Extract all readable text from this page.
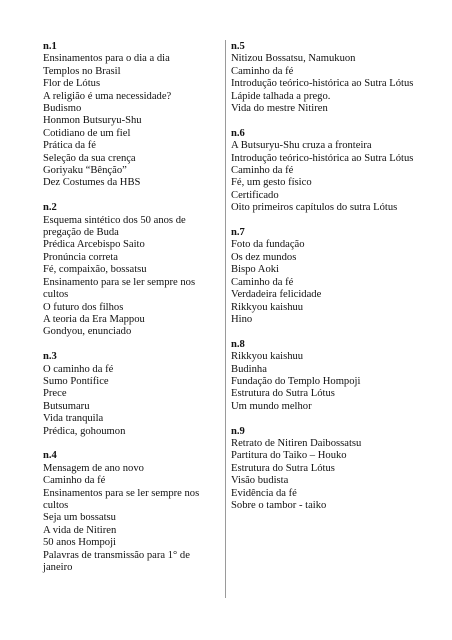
n.1
Ensinamentos para o dia a dia
Templos no Brasil
Flor de Lótus
A religião é uma necessidade?
Budismo
Honmon Butsuryu-Shu
Cotidiano de um fiel
Prática da fé
Seleção da sua crença
Goriyaku “Bênção”
Dez Costumes da HBS
n.2
Esquema sintético dos 50 anos de pregação de Buda
Prédica Arcebispo Saito
Pronúncia correta
Fé, compaixão, bossatsu
Ensinamento para se ler sempre nos cultos
O futuro dos filhos
A teoria da Era Mappou
Gondyou, enunciado
n.3
O caminho da fé
Sumo Pontífice
Prece
Butsumaru
Vida tranquila
Prédica, gohoumon
n.4
Mensagem de ano novo
Caminho da fé
Ensinamentos para se ler sempre nos cultos
Seja um bossatsu
A vida de Nitiren
50 anos Hompoji
Palavras de transmissão para 1° de janeiro
n.5
Nitizou Bossatsu, Namukuon
Caminho da fé
Introdução teórico-histórica ao Sutra Lótus
Lápide talhada a prego.
Vida do mestre Nitiren
n.6
A Butsuryu-Shu cruza a fronteira
Introdução teórico-histórica ao Sutra Lótus
Caminho da fé
Fé, um gesto físico
Certificado
Oito primeiros capítulos do sutra Lótus
n.7
Foto da fundação
Os dez mundos
Bispo Aoki
Caminho da fé
Verdadeira felicidade
Rikkyou kaishuu
Hino
n.8
Rikkyou kaishuu
Budinha
Fundação do Templo Hompoji
Estrutura do Sutra Lótus
Um mundo melhor
n.9
Retrato de Nitiren Daibossatsu
Partitura do Taiko – Houko
Estrutura do Sutra Lótus
Visão budista
Evidência da fé
Sobre o tambor - taiko
